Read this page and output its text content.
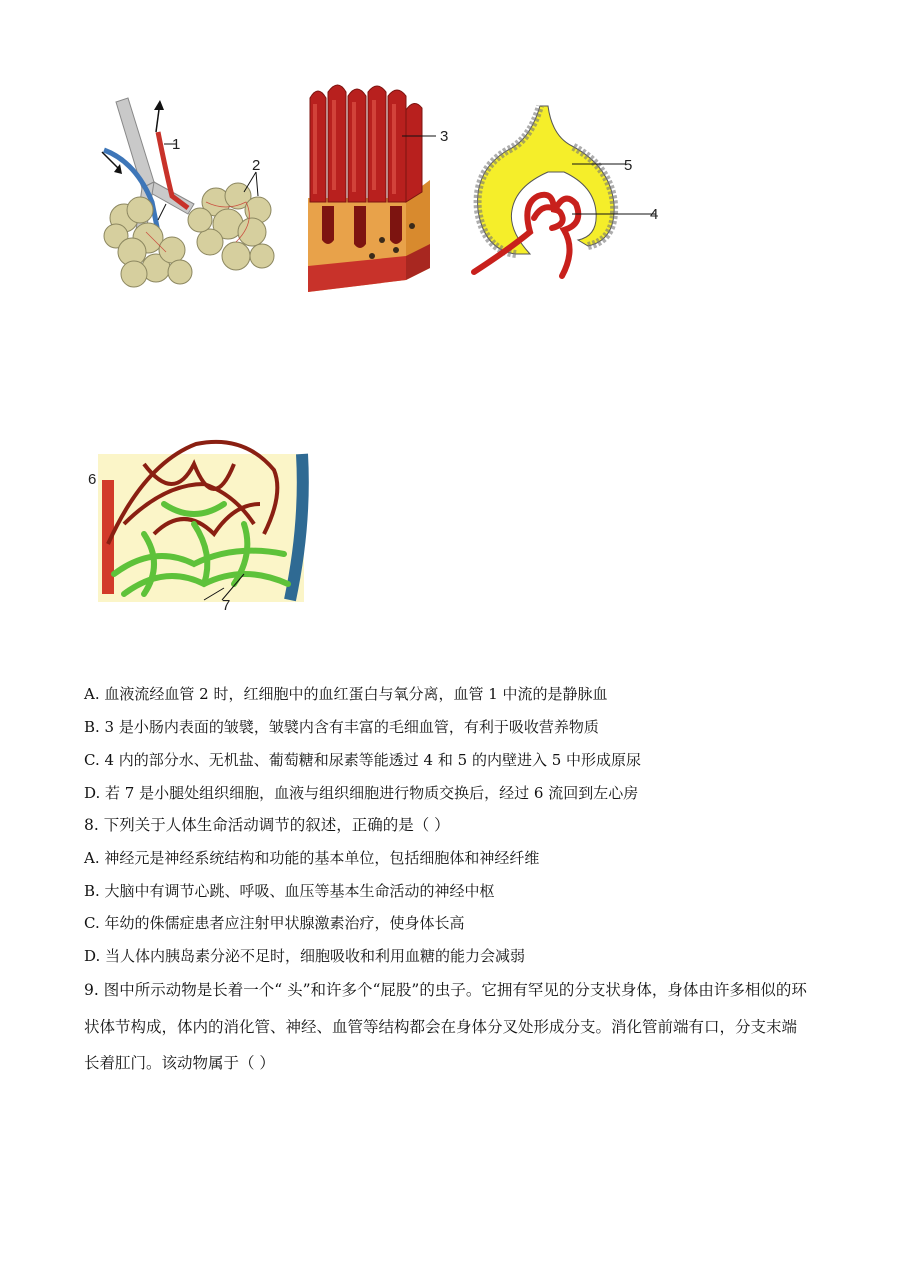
1
2
3
5
4
6
7
A. 血液流经血管 2 时，红细胞中的血红蛋白与氧分离，血管 1 中流的是静脉血
B. 3 是小肠内表面的皱襞，皱襞内含有丰富的毛细血管，有利于吸收营养物质
C. 4 内的部分水、无机盐、葡萄糖和尿素等能透过 4 和 5 的内壁进入 5 中形成原尿
D. 若 7 是小腿处组织细胞，血液与组织细胞进行物质交换后，经过 6 流回到左心房
8. 下列关于人体生命活动调节的叙述，正确的是（ ）
A. 神经元是神经系统结构和功能的基本单位，包括细胞体和神经纤维
B. 大脑中有调节心跳、呼吸、血压等基本生命活动的神经中枢
C. 年幼的侏儒症患者应注射甲状腺激素治疗，使身体长高
D. 当人体内胰岛素分泌不足时，细胞吸收和利用血糖的能力会减弱
9. 图中所示动物是长着一个“ 头”和许多个“屁股”的虫子。它拥有罕见的分支状身体，身体由许多相似的环
状体节构成，体内的消化管、神经、血管等结构都会在身体分叉处形成分支。消化管前端有口，分支末端
长着肛门。该动物属于（ ）
